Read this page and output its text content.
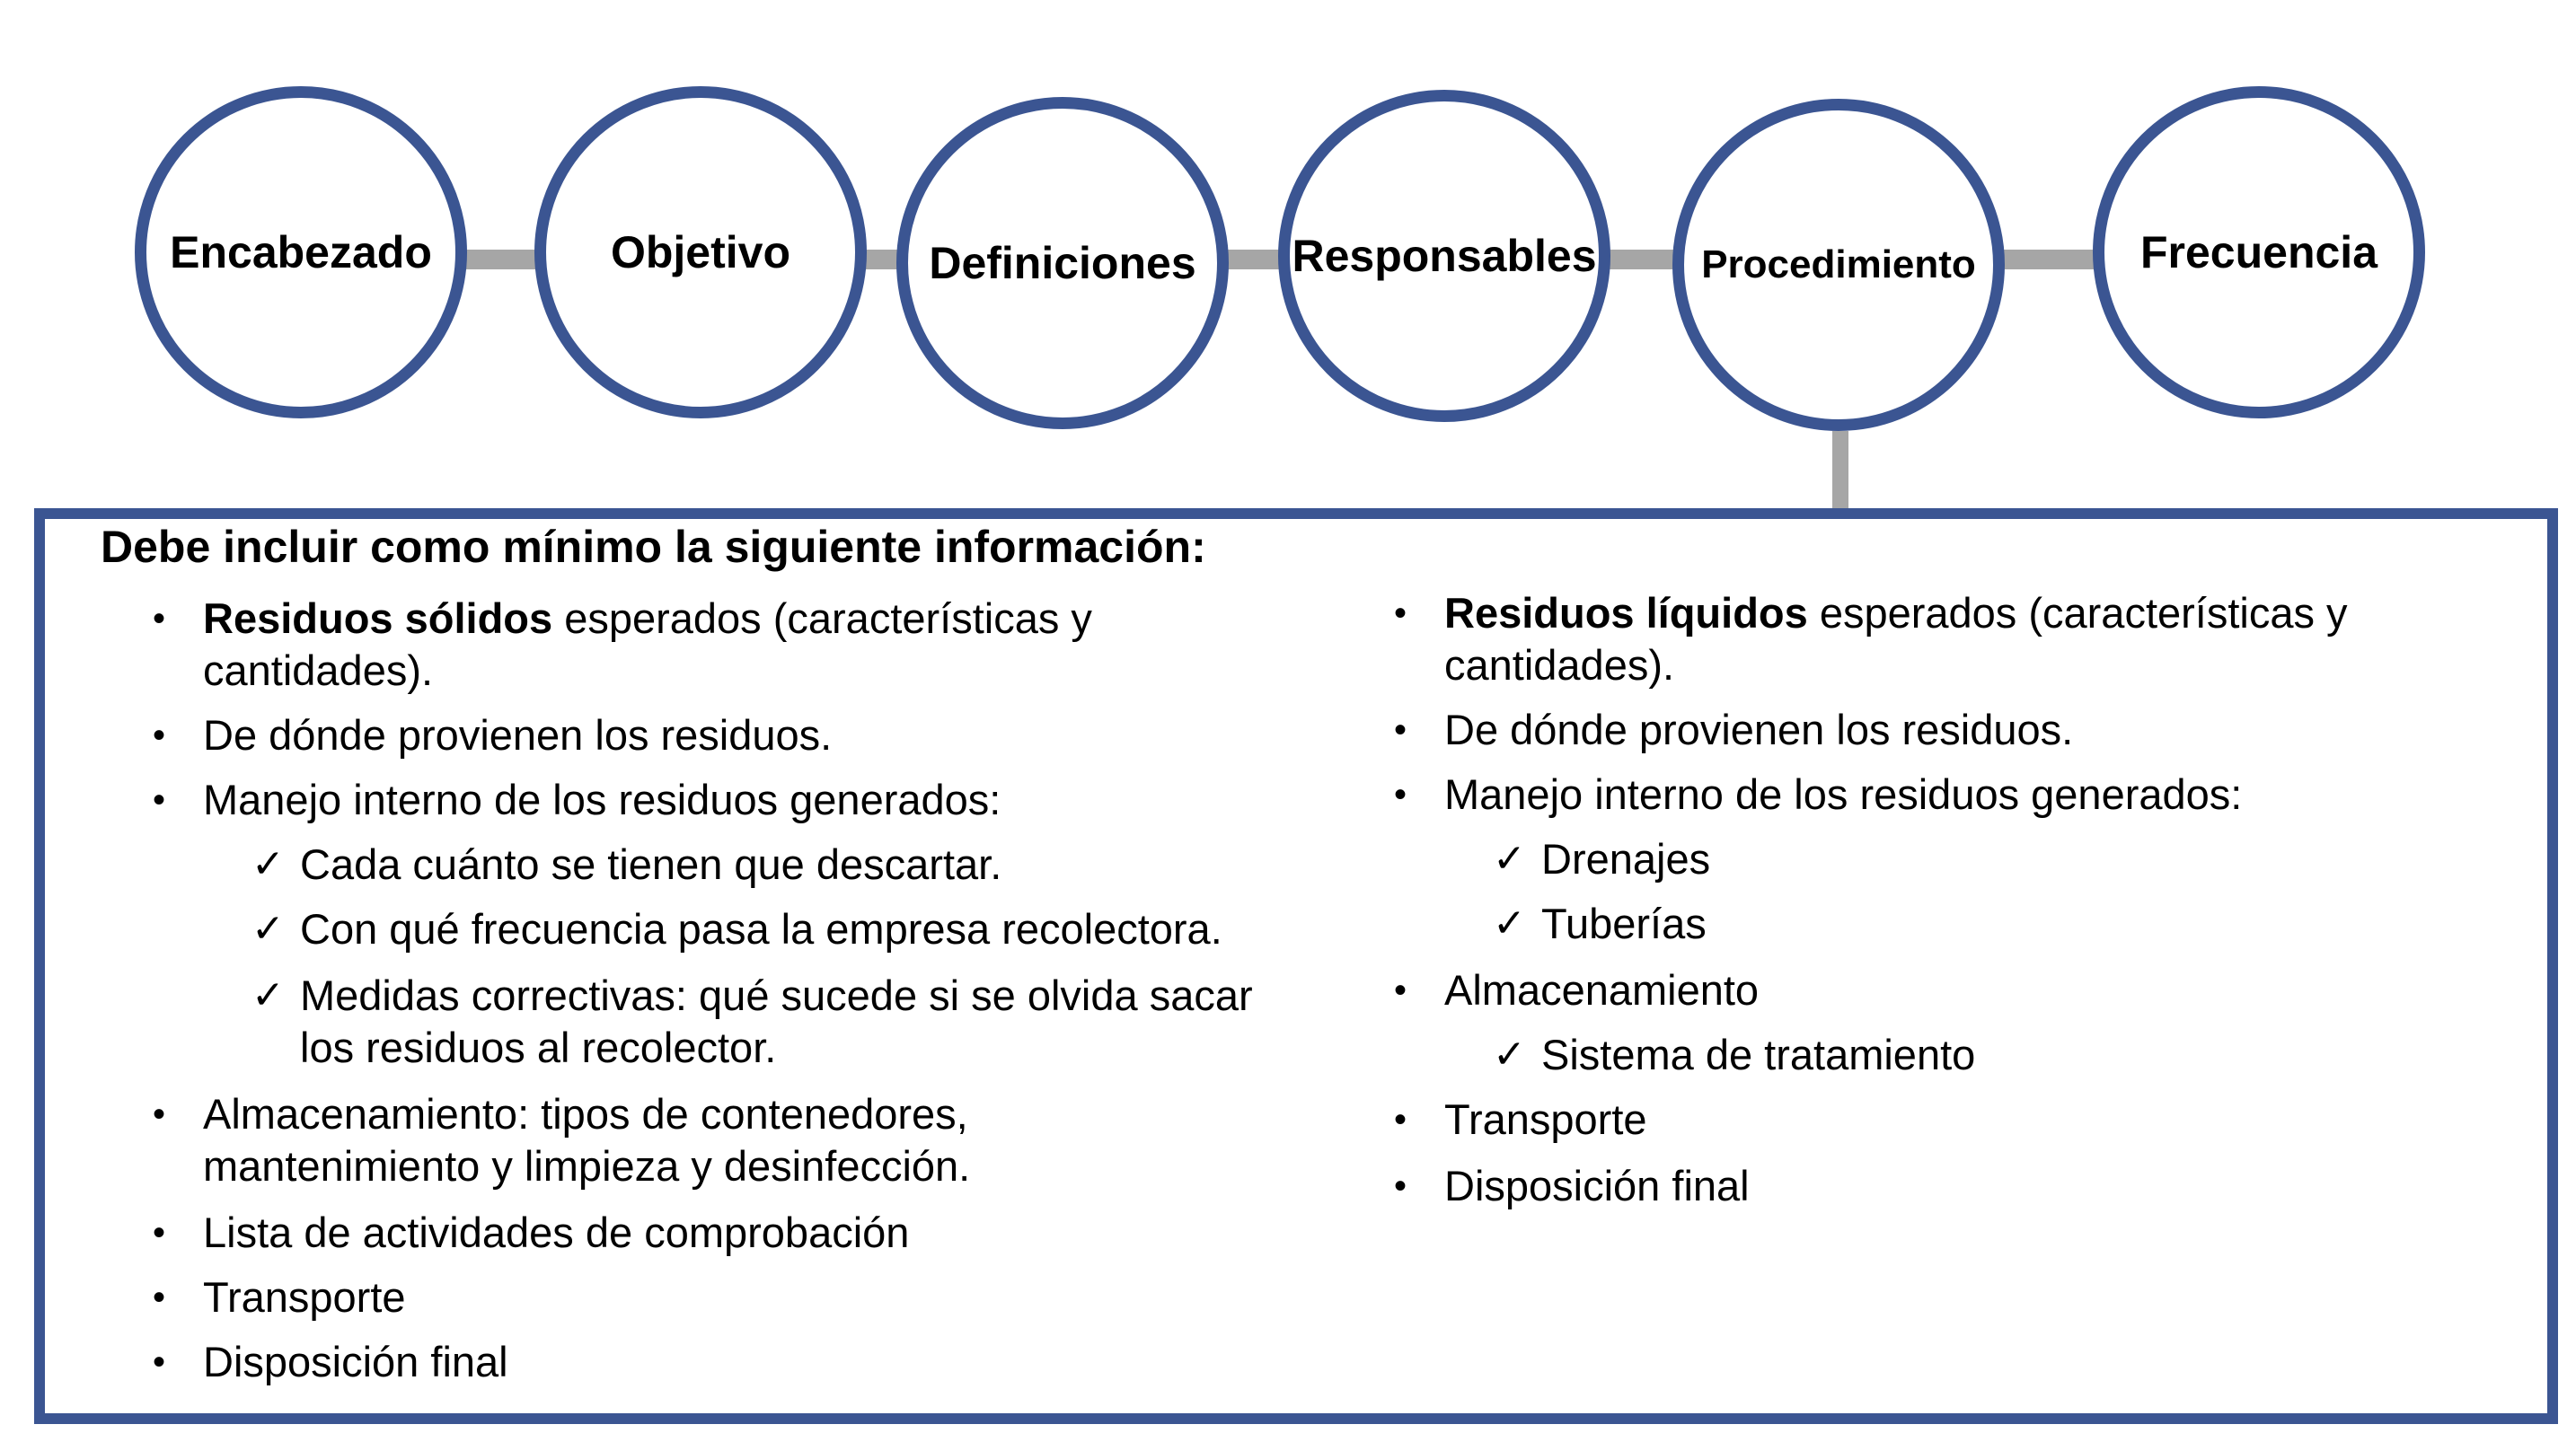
Encabezado	Objetivo	Definiciones Responsables	Procedimiento	Frecuencia
Debe incluir como mínimo la siguiente información:
• Residuos sólidos esperados (características y
cantidades).
• De dónde provienen los residuos.
• Manejo interno de los residuos generados:
✓ Cada cuánto se tienen que descartar.
✓ Con qué frecuencia pasa la empresa recolectora.
✓ Medidas correctivas: qué sucede si se olvida sacar
los residuos al recolector.
• Almacenamiento: tipos de contenedores,
mantenimiento y limpieza y desinfección.
• Lista de actividades de comprobación
• Transporte
• Disposición final
• Residuos líquidos esperados (características y
cantidades).
• De dónde provienen los residuos.
• Manejo interno de los residuos generados:
✓ Drenajes
✓ Tuberías
• Almacenamiento
✓ Sistema de tratamiento
• Transporte
• Disposición final
